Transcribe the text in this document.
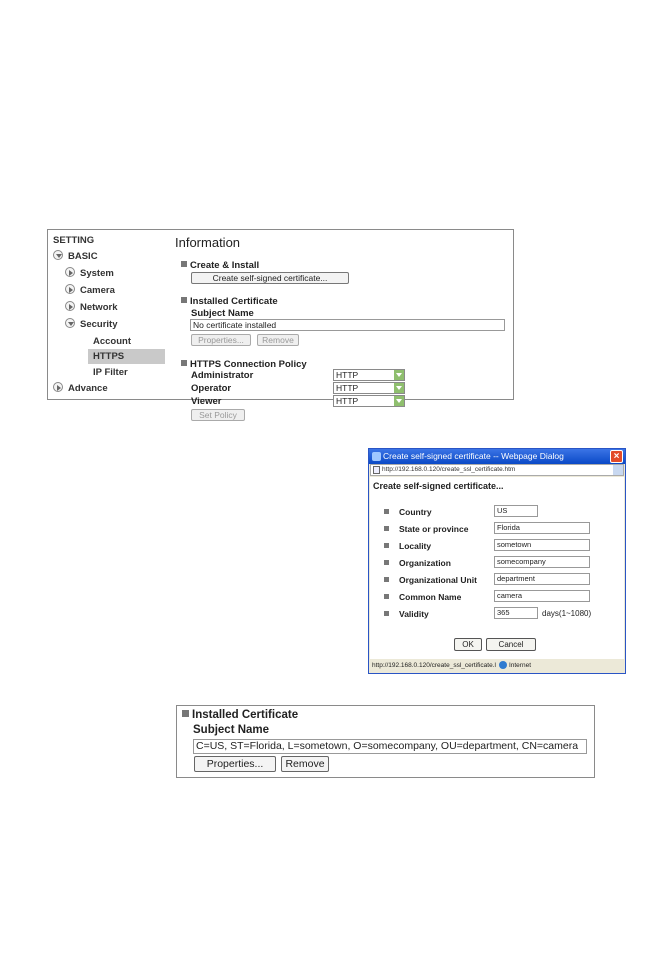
SETTING
BASIC
System
Camera
Network
Security
Account
HTTPS
IP Filter
Advance
Information
Create & Install
Create self-signed certificate...
Installed Certificate
Subject Name
No certificate installed
Properties...	Remove
HTTPS Connection Policy
Administrator	HTTP
Operator	HTTP
Viewer	HTTP
Set Policy
Create self-signed certificate -- Webpage Dialog	×
http://192.168.0.120/create_ssl_certificate.htm
Create self-signed certificate...
Country	US
State or province	Florida
Locality	sometown
Organization	somecompany
Organizational Unit	department
Common Name	camera
Validity	365	days(1~1080)
OK	Cancel
http://192.168.0.120/create_ssl_certificate.l Internet
Installed Certificate
Subject Name
C=US, ST=Florida, L=sometown, O=somecompany, OU=department, CN=camera
Properties...	Remove
